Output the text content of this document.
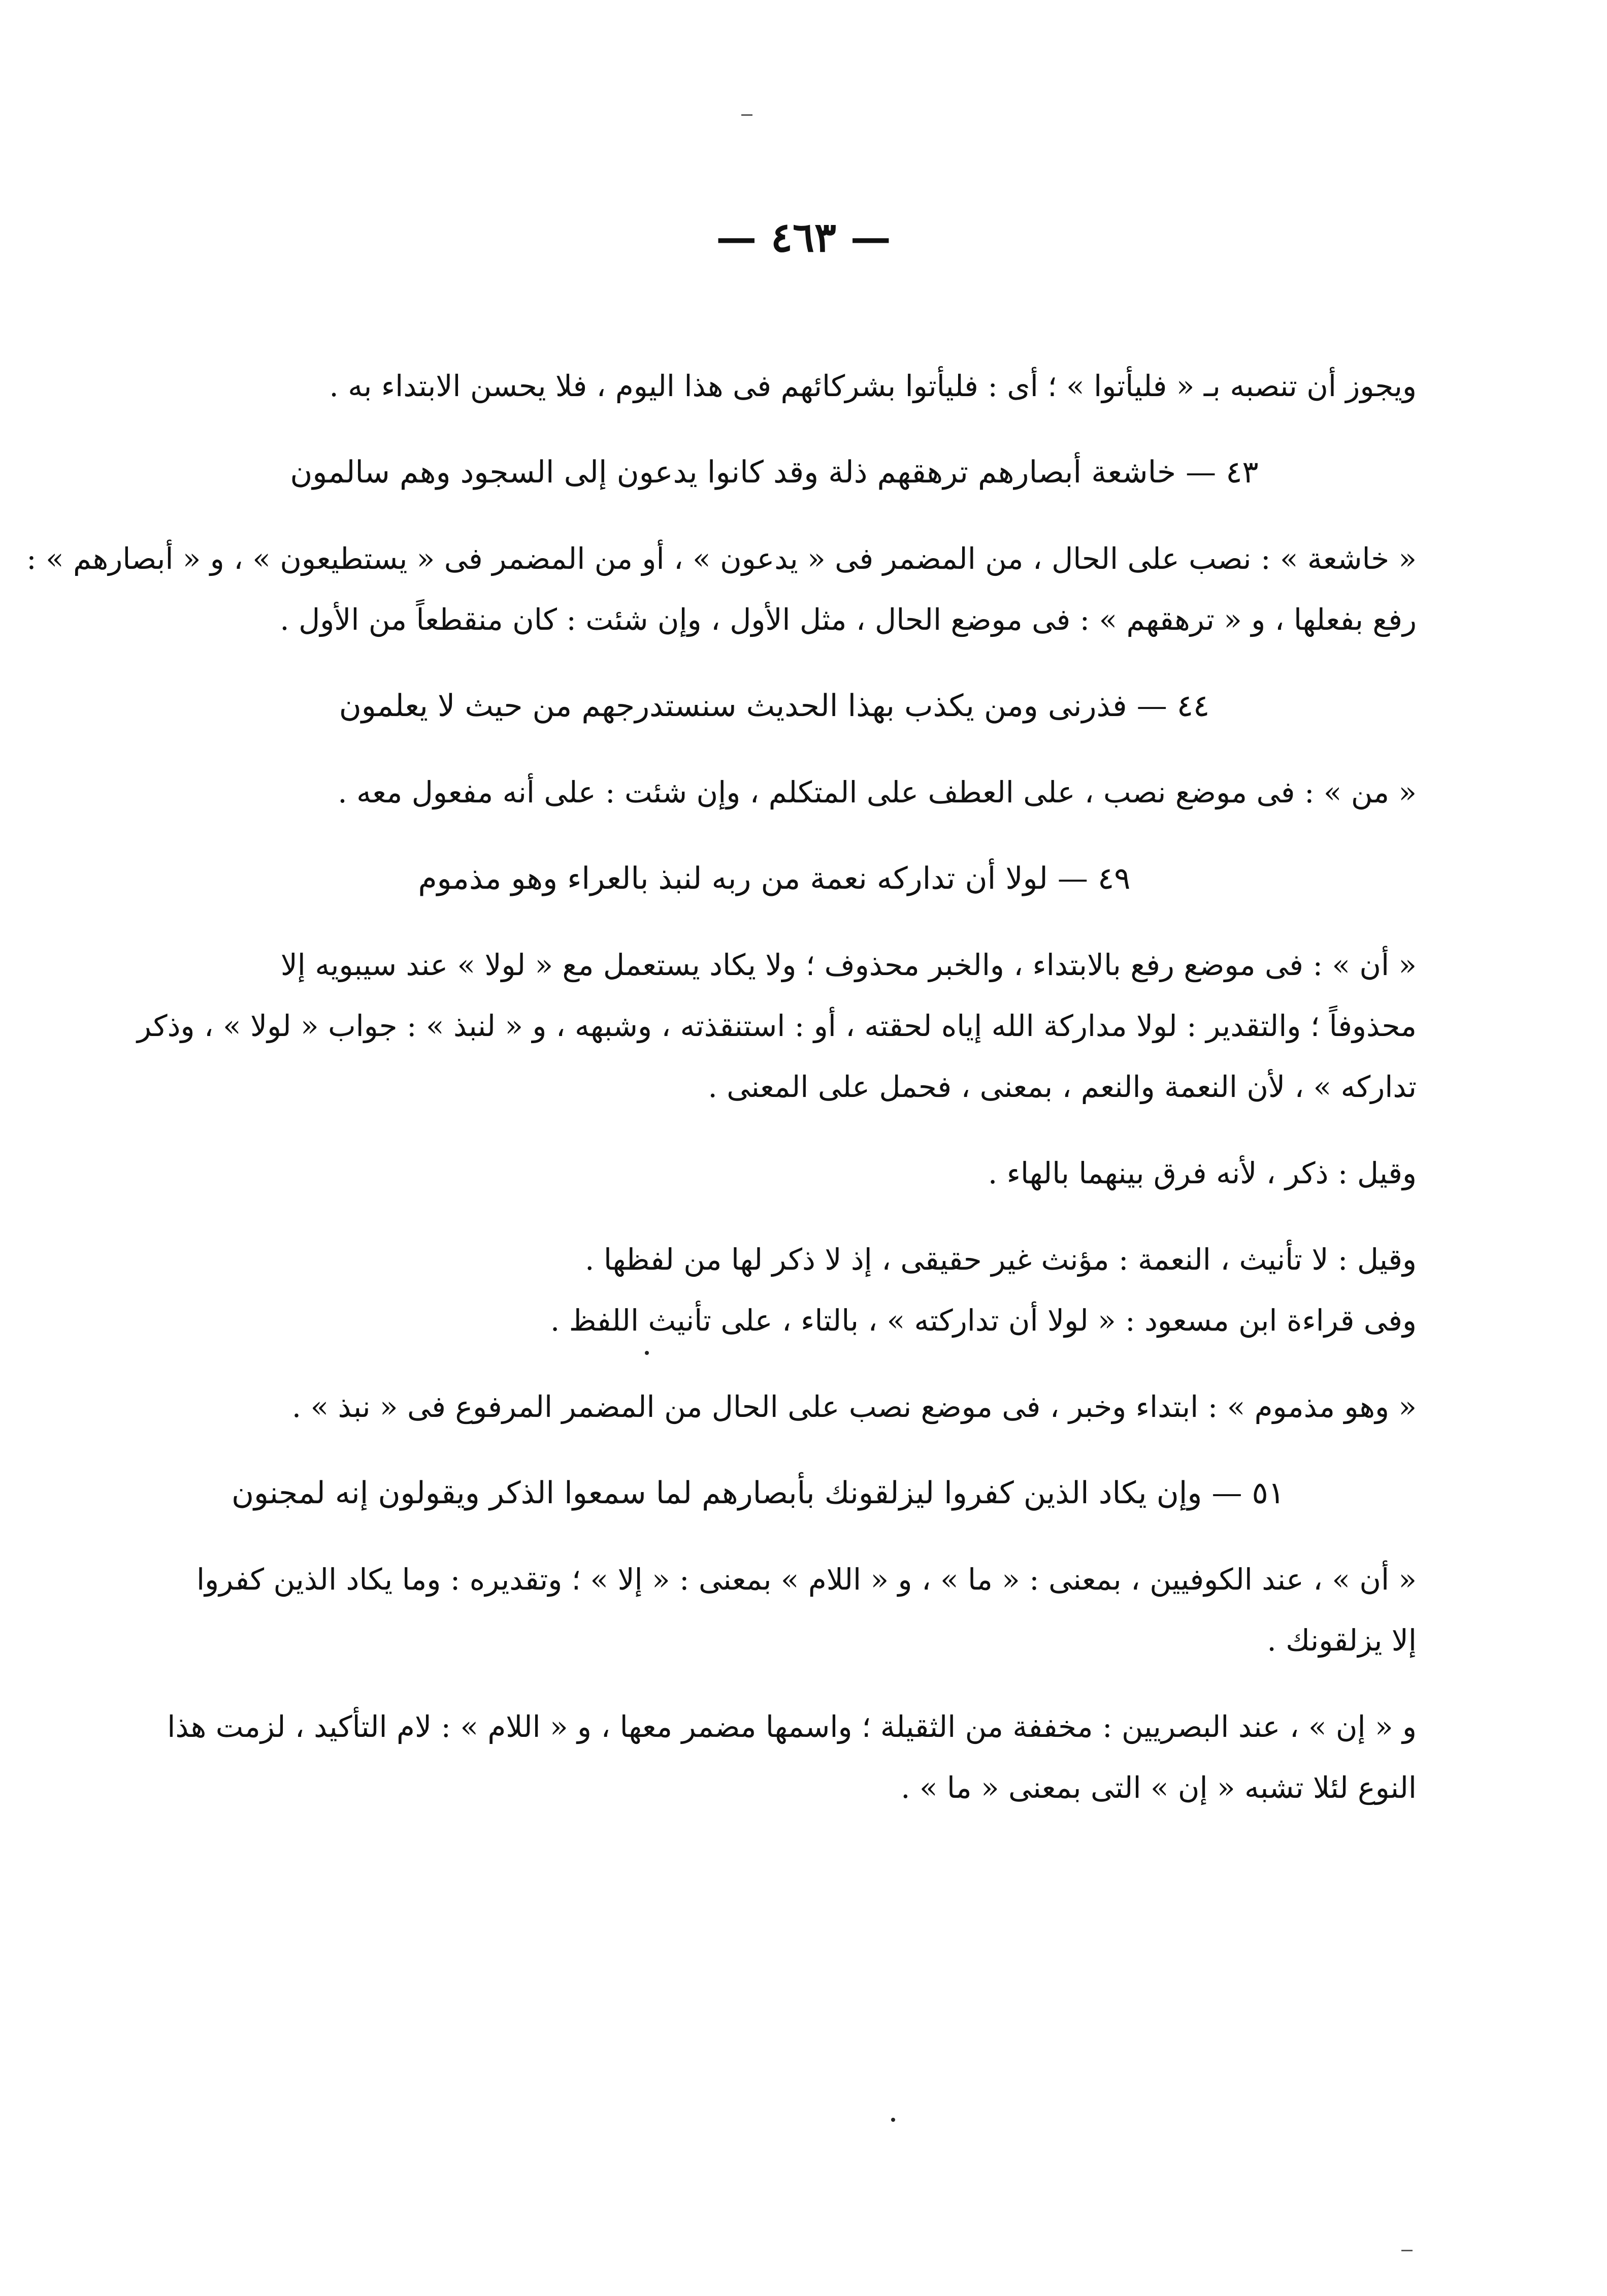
— ٤٦٣ —
ويجوز أن تنصبه بـ « فليأتوا » ؛ أى : فليأتوا بشركائهم فى هذا اليوم ، فلا يحسن الابتداء به .
٤٣ — خاشعة أبصارهم ترهقهم ذلة وقد كانوا يدعون إلى السجود وهم سالمون
« خاشعة » : نصب على الحال ، من المضمر فى « يدعون » ، أو من المضمر فى « يستطيعون » ، و « أبصارهم » :
رفع بفعلها ، و « ترهقهم » : فى موضع الحال ، مثل الأول ، وإن شئت : كان منقطعاً من الأول .
٤٤ — فذرنى ومن يكذب بهذا الحديث سنستدرجهم من حيث لا يعلمون
« من » : فى موضع نصب ، على العطف على المتكلم ، وإن شئت : على أنه مفعول معه .
٤٩ — لولا أن تداركه نعمة من ربه لنبذ بالعراء وهو مذموم
« أن » : فى موضع رفع بالابتداء ، والخبر محذوف ؛ ولا يكاد يستعمل مع « لولا » عند سيبويه إلا
محذوفاً ؛ والتقدير : لولا مداركة الله إياه لحقته ، أو : استنقذته ، وشبهه ، و « لنبذ » : جواب « لولا » ، وذكر
تداركه » ، لأن النعمة والنعم ، بمعنى ، فحمل على المعنى .
وقيل : ذكر ، لأنه فرق بينهما بالهاء .
وقيل : لا تأنيث ، النعمة : مؤنث غير حقيقى ، إذ لا ذكر لها من لفظها .
وفى قراءة ابن مسعود : « لولا أن تداركته » ، بالتاء ، على تأنيث اللفظ .
« وهو مذموم » : ابتداء وخبر ، فى موضع نصب على الحال من المضمر المرفوع فى « نبذ » .
٥١ — وإن يكاد الذين كفروا ليزلقونك بأبصارهم لما سمعوا الذكر ويقولون إنه لمجنون
« أن » ، عند الكوفيين ، بمعنى : « ما » ، و « اللام » بمعنى : « إلا » ؛ وتقديره : وما يكاد الذين كفروا
إلا يزلقونك .
و « إن » ، عند البصريين : مخففة من الثقيلة ؛ واسمها مضمر معها ، و « اللام » : لام التأكيد ، لزمت هذا
النوع لئلا تشبه « إن » التى بمعنى « ما » .
